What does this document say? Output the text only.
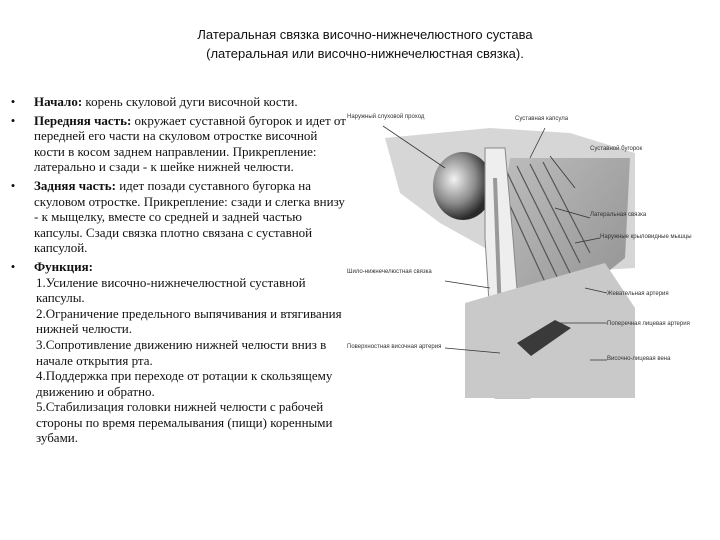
Латеральная связка височно-нижнечелюстного сустава
(латеральная или височно-нижнечелюстная связка).
Наружный слуховой проход	Суставная капсула
Суставной бугорок
Латеральная связка
Наружные крыловидные мышцы
Жевательная артерия
Поперечная лицевая артерия
Шило-нижнечелюстная связка
Поверхностная височная артерия
Височно-лицевая вена
• Начало: корень скуловой дуги височной кости.
• Передняя часть: окружает суставной бугорок и идет от передней его части на скуловом отростке височной кости в косом заднем направлении. Прикрепление: латерально и сзади - к шейке нижней челюсти.
• Задняя часть: идет позади суставного бугорка на скуловом отростке. Прикрепление: сзади и слегка внизу - к мыщелку, вместе со средней и задней частью капсулы. Сзади связка плотно связана с суставной капсулой.
• Функция:
1.Усиление височно-нижнечелюстной суставной капсулы.
2.Ограничение предельного выпячивания и втягивания нижней челюсти.
3.Сопротивление движению нижней челюсти вниз в начале открытия рта.
4.Поддержка при переходе от ротации к скользящему движению и обратно.
5.Стабилизация головки нижней челюсти с рабочей стороны по время перемалывания (пищи) коренными зубами.
